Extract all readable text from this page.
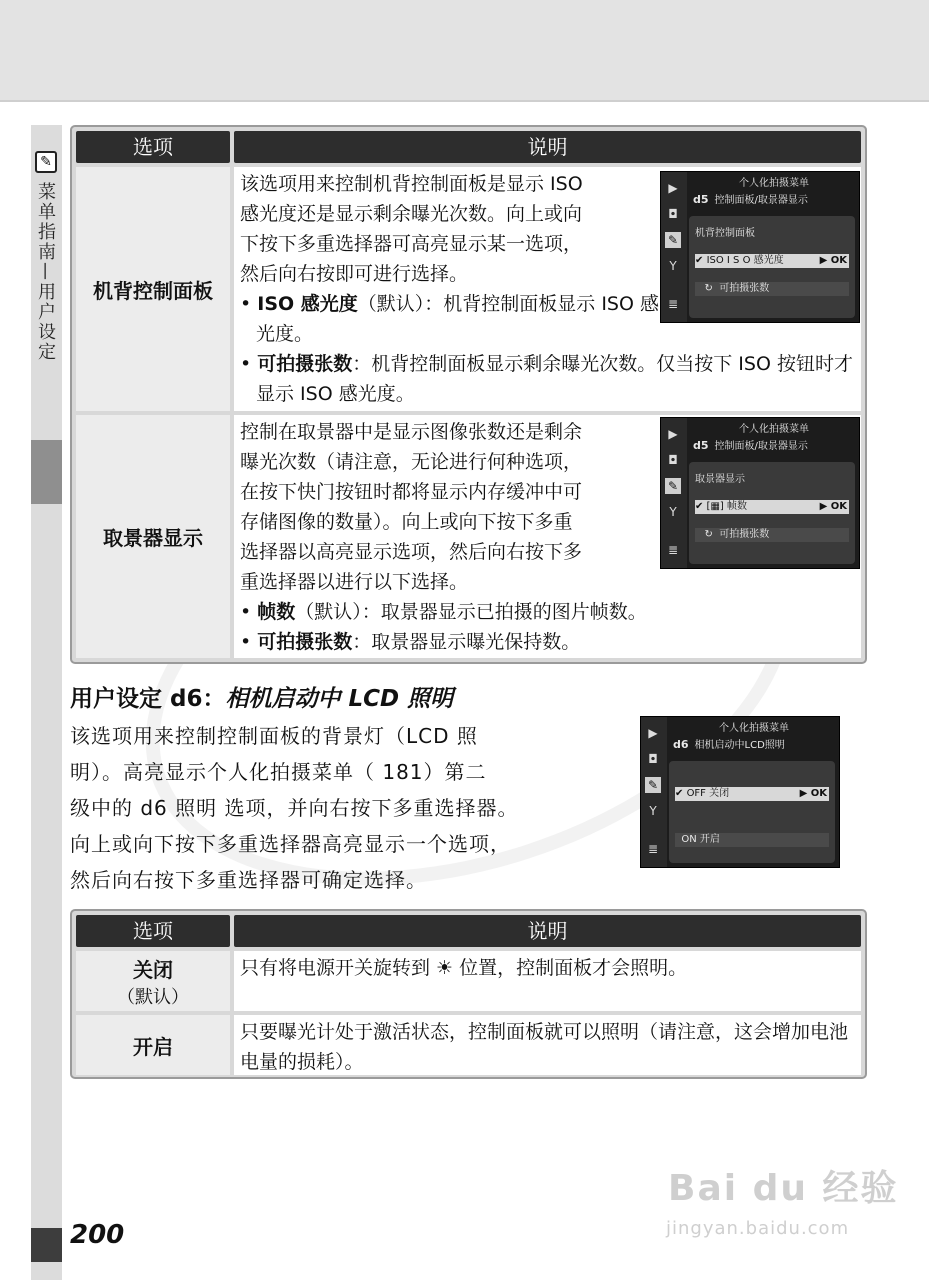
✎
菜单指南—用户设定
选项	说明
机背控制面板

该选项用来控制机背控制面板是显示 ISO

感光度还是显示剩余曝光次数。向上或向

下按下多重选择器可高亮显示某一选项，

然后向右按即可进行选择。

• ISO 感光度（默认）：机背控制面板显示 ISO 感光度。

• 可拍摄张数：机背控制面板显示剩余曝光次数。仅当按下 ISO 按钮时才显示 ISO 感光度。

▶
◘
✎
Y
≣
个人化拍摄菜单
d5 控制面板/取景器显示
机背控制面板
✔ ISO I S O 感光度	▶ OK
↻  可拍摄张数
取景器显示

控制在取景器中是显示图像张数还是剩余

曝光次数（请注意，无论进行何种选项，

在按下快门按钮时都将显示内存缓冲中可

存储图像的数量）。向上或向下按下多重

选择器以高亮显示选项，然后向右按下多

重选择器以进行以下选择。

• 帧数（默认）：取景器显示已拍摄的图片帧数。

• 可拍摄张数：取景器显示曝光保持数。

▶
◘
✎
Y
≣
个人化拍摄菜单
d5 控制面板/取景器显示
取景器显示
✔ [▦] 帧数	▶ OK
↻  可拍摄张数
用户设定 d6：相机启动中 LCD 照明

该选项用来控制控制面板的背景灯（LCD 照

明）。高亮显示个人化拍摄菜单（ 181）第二

级中的 d6 照明 选项，并向右按下多重选择器。

向上或向下按下多重选择器高亮显示一个选项，

然后向右按下多重选择器可确定选择。

▶
◘
✎
Y
≣
个人化拍摄菜单
d6 相机启动中LCD照明
✔ OFF 关闭	▶ OK
ON 开启
选项	说明
关闭
（默认）

只有将电源开关旋转到 ☀ 位置，控制面板才会照明。

开启

只要曝光计处于激活状态，控制面板就可以照明（请注意，这会增加电池电量的损耗）。

200
Bai du 经验
jingyan.baidu.com
